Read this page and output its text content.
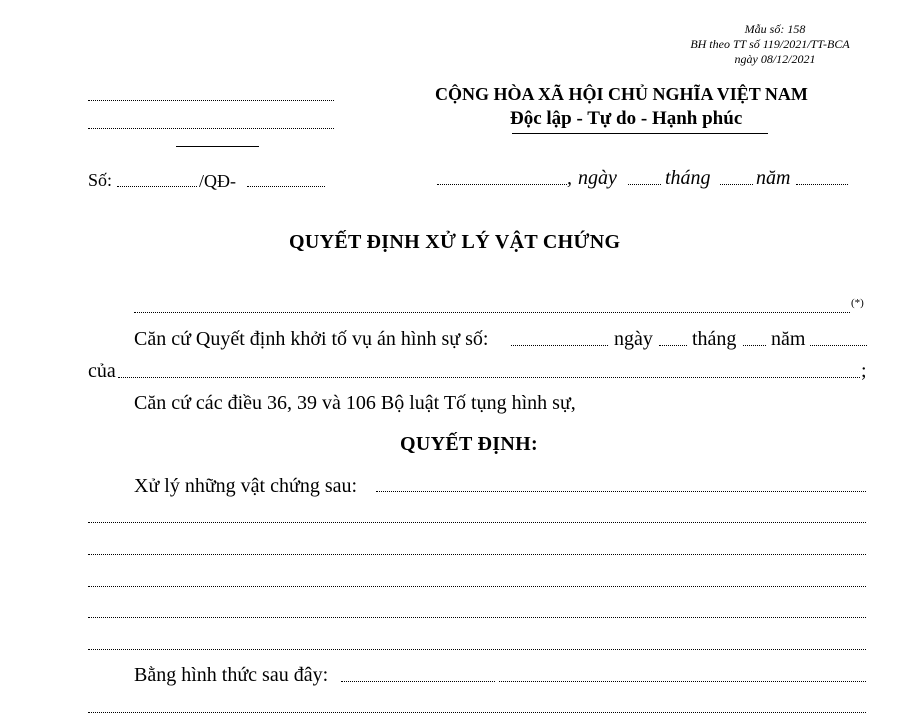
Mẫu số: 158
BH theo TT số 119/2021/TT-BCA
ngày 08/12/2021
Số:	/QĐ-
CỘNG HÒA XÃ HỘI CHỦ NGHĨA VIỆT NAM
Độc lập - Tự do - Hạnh phúc
, ngày tháng năm
QUYẾT ĐỊNH XỬ LÝ VẬT CHỨNG
(*)
Căn cứ Quyết định khởi tố vụ án hình sự số:	ngày tháng năm
của	;
Căn cứ các điều 36, 39 và 106 Bộ luật Tố tụng hình sự,
QUYẾT ĐỊNH:
Xử lý những vật chứng sau:
Bằng hình thức sau đây:
